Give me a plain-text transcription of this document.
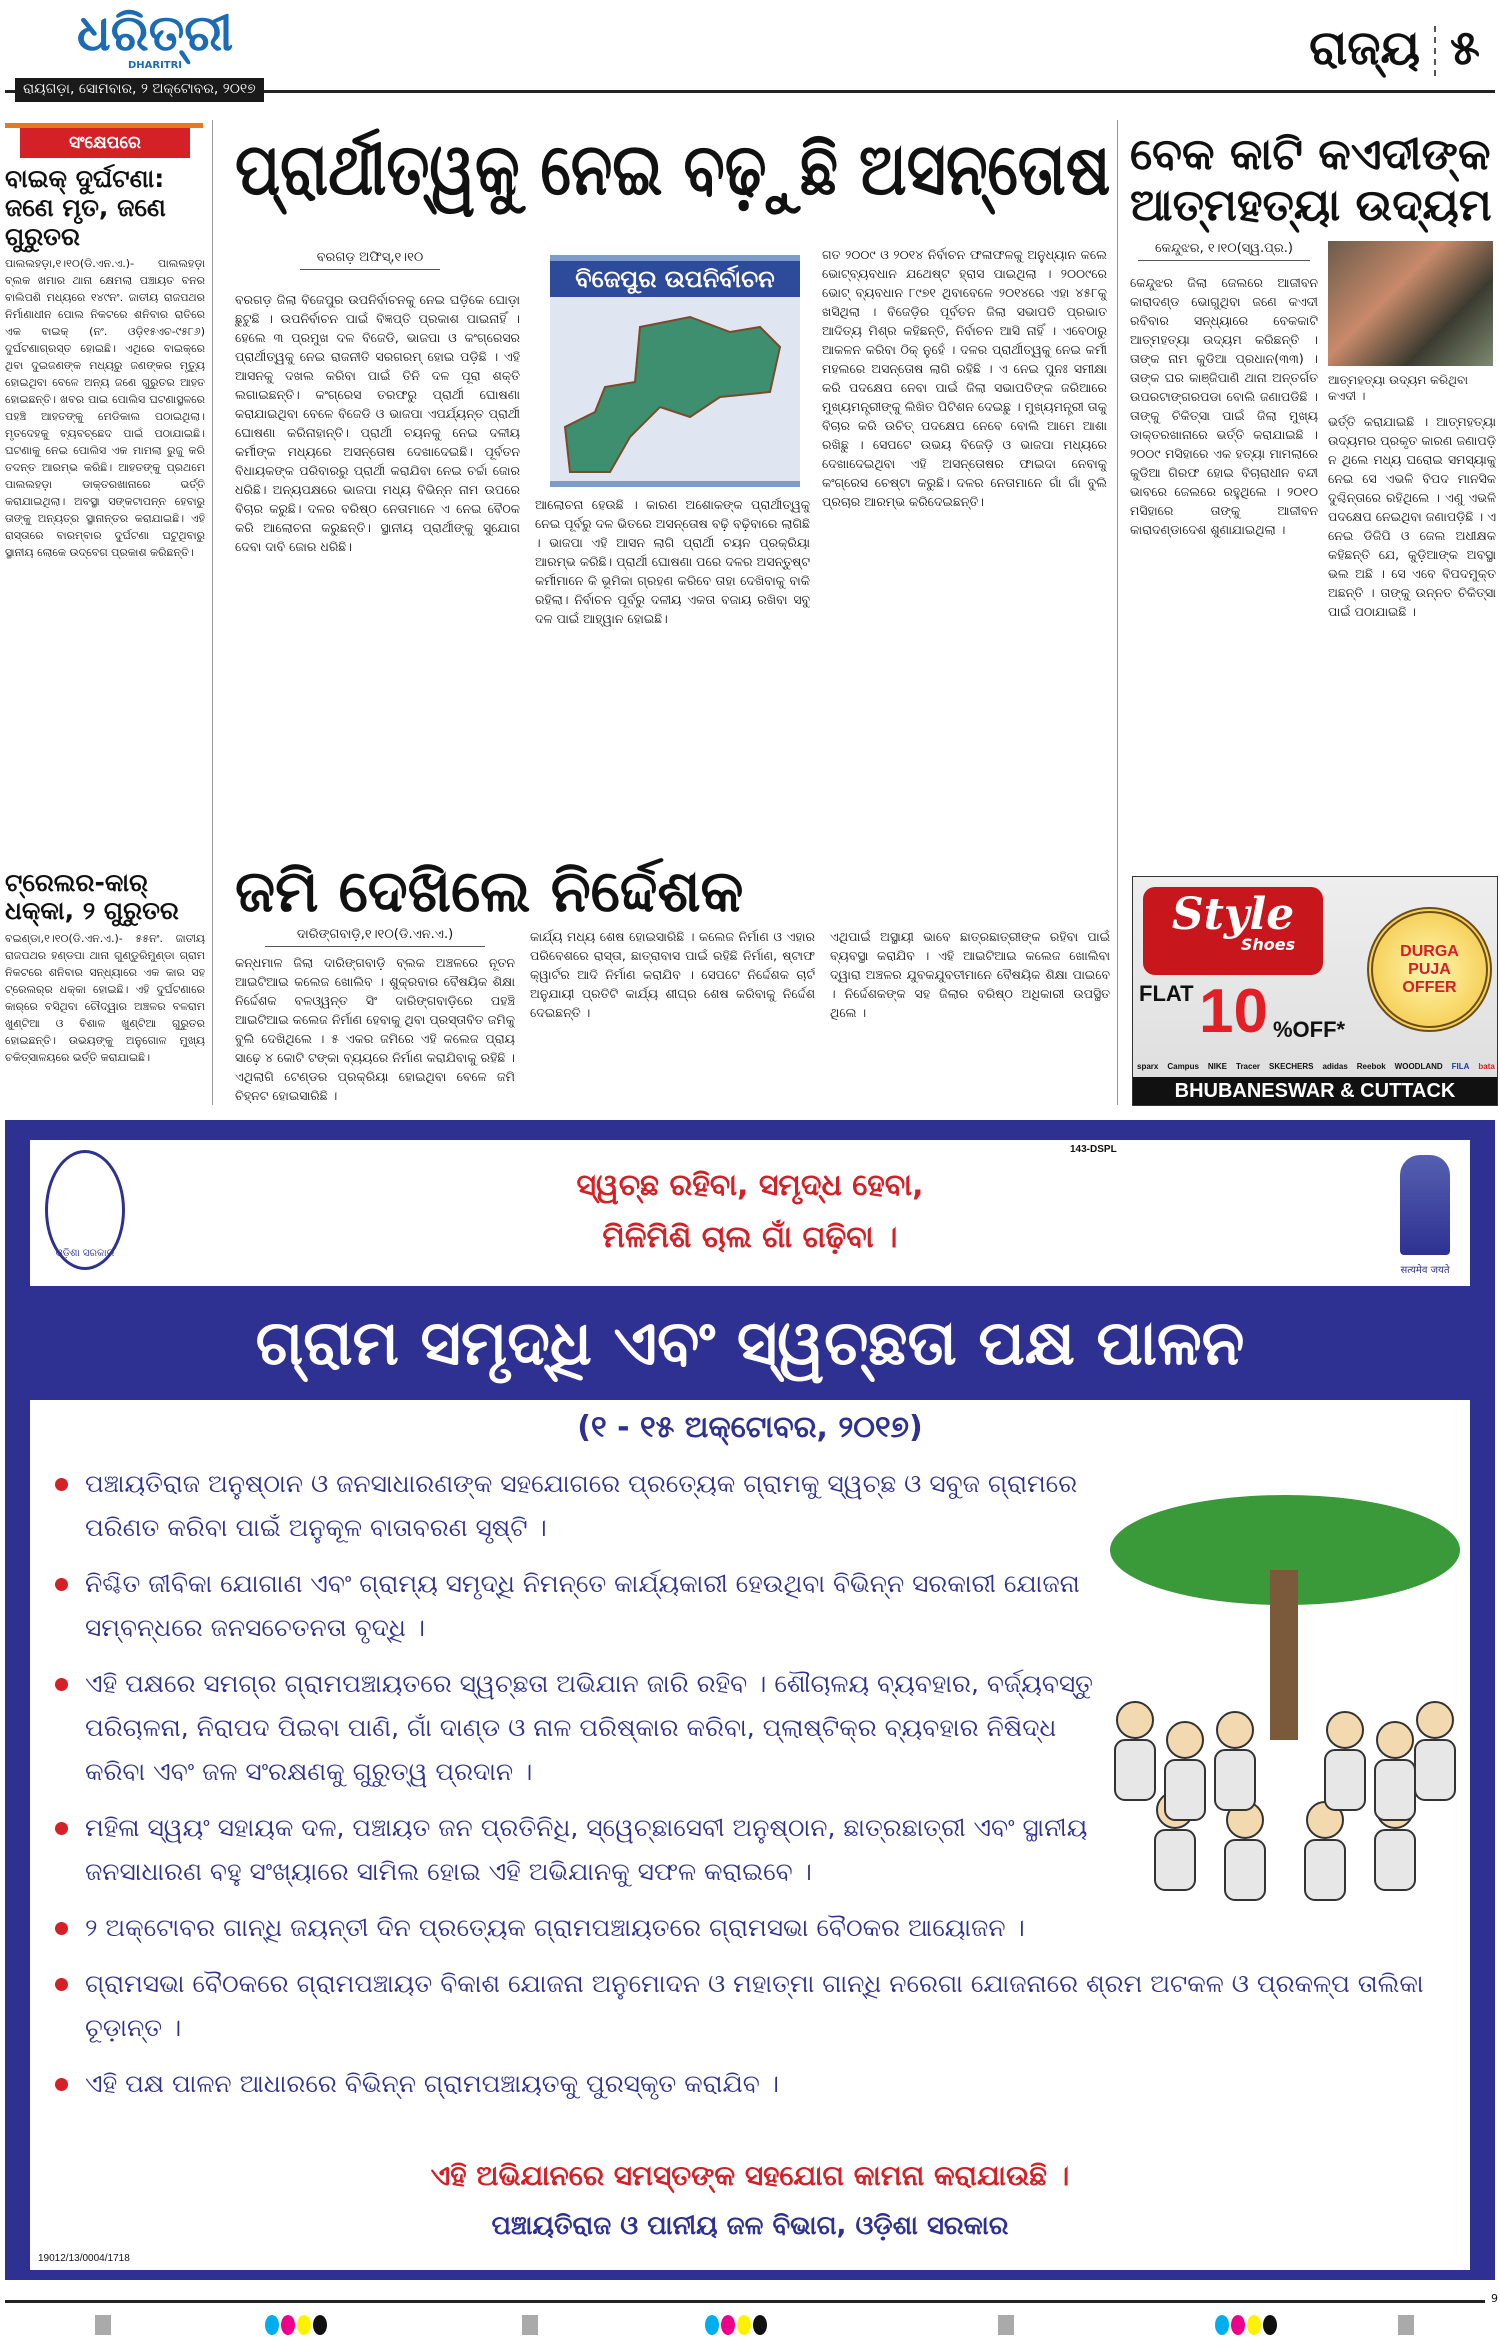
ଧରିତ୍ରୀ
DHARITRI
ରାୟଗଡ଼ା, ସୋମବାର, ୨ ଅକ୍ଟୋବର, ୨୦୧୭
ରାଜ୍ୟ ୫
ସଂକ୍ଷେପରେ
ବାଇକ୍ ଦୁର୍ଘଟଣା: ଜଣେ ମୃତ, ଜଣେ ଗୁରୁତର
ପାଲଲହଡ଼ା,୧।୧୦(ଡି.ଏନ.ଏ.)- ପାଲଲହଡ଼ା ବ୍ଲକ ଖମାର ଥାନା କ୍ଷେମଲା ପଞ୍ଚାୟତ ବନର ବାଲିପଶି ମଧ୍ୟରେ ୧୪୯ନଂ. ଜାତୀୟ ରାଜପଥର ନିର୍ମାଣାଧୀନ ପୋଲ ନିକଟରେ ଶନିବାର ରାତିରେ ଏକ ବାଇକ୍ (ନଂ. ଓଡ଼ି୧୫ଏଚ-୯୫୮୬) ଦୁର୍ଘଟଣାଗ୍ରସ୍ତ ହୋଇଛି। ଏଥିରେ ବାଇକ୍‌ରେ ଥିବା ଦୁଇଜଣଙ୍କ ମଧ୍ୟରୁ ଜଣଙ୍କର ମୃତ୍ୟୁ ହୋଇଥିବା ବେଳେ ଅନ୍ୟ ଜଣେ ଗୁରୁତର ଆହତ ହୋଇଛନ୍ତି। ଖବର ପାଇ ପୋଲିସ ଘଟଣାସ୍ଥଳରେ ପହଞ୍ଚି ଆହତଙ୍କୁ ମେଡିକାଲ ପଠାଇଥିଲା। ମୃତଦେହକୁ ବ୍ୟବଚ୍ଛେଦ ପାଇଁ ପଠାଯାଇଛି। ଘଟଣାକୁ ନେଇ ପୋଲିସ ଏକ ମାମଲା ରୁଜୁ କରି ତଦନ୍ତ ଆରମ୍ଭ କରିଛି। ଆହତଙ୍କୁ ପ୍ରଥମେ ପାଲଲହଡ଼ା ଡାକ୍ତରଖାନାରେ ଭର୍ତ୍ତି କରାଯାଇଥିଲା। ଅବସ୍ଥା ସଙ୍କଟାପନ୍ନ ହେବାରୁ ତାଙ୍କୁ ଅନ୍ୟତ୍ର ସ୍ଥାନାନ୍ତର କରାଯାଇଛି। ଏହି ରାସ୍ତାରେ ବାରମ୍ବାର ଦୁର୍ଘଟଣା ଘଟୁଥିବାରୁ ସ୍ଥାନୀୟ ଲୋକେ ଉଦ୍‌ବେଗ ପ୍ରକାଶ କରିଛନ୍ତି।
ଟ୍ରେଲର-କାର୍ ଧକ୍କା, ୨ ଗୁରୁତର
ବଇଣ୍ଡା,୧।୧୦(ଡି.ଏନ.ଏ.)- ୫୫ନଂ. ଜାତୀୟ ରାଜପଥର ହଣ୍ଡପା ଥାନା ଗୁଣ୍ଡୁରିମୁଣ୍ଡା ଗ୍ରାମ ନିକଟରେ ଶନିବାର ସନ୍ଧ୍ୟାରେ ଏକ କାର ସହ ଟ୍ରେଲର୍‌ର ଧକ୍କା ହୋଇଛି। ଏହି ଦୁର୍ଘଟଣାରେ କାର୍‌ରେ ବସିଥିବା ଚୌଦ୍ୱାର ଅଞ୍ଚଳର ବଳରାମ ଖୁଣ୍ଟିଆ ଓ ବିଶାଳ ଖୁଣ୍ଟିଆ ଗୁରୁତର ହୋଇଛନ୍ତି। ଉଭୟଙ୍କୁ ଅନୁଗୋଳ ମୁଖ୍ୟ ଚକିତ୍ସାଳୟରେ ଭର୍ତ୍ତି କରାଯାଇଛି।
ପ୍ରାର୍ଥୀତ୍ୱକୁ ନେଇ ବଢ଼ୁଛି ଅସନ୍ତୋଷ
ବରଗଡ଼ ଅଫିସ୍,୧।୧୦
ବରଗଡ଼ ଜିଲା ବିଜେପୁର ଉପନିର୍ବାଚନକୁ ନେଇ ଘଡ଼ିକେ ଘୋଡ଼ା ଛୁଟୁଛି । ଉପନିର୍ବାଚନ ପାଇଁ ବିଜ୍ଞପ୍ତି ପ୍ରକାଶ ପାଇନାହିଁ । ହେଲେ ୩ ପ୍ରମୁଖ ଦଳ ବିଜେଡି, ଭାଜପା ଓ କଂଗ୍ରେସର ପ୍ରାର୍ଥୀତ୍ୱକୁ ନେଇ ରାଜନୀତି ସରଗରମ୍ ହୋଇ ପଡ଼ିଛି । ଏହି ଆସନକୁ ଦଖଲ କରିବା ପାଇଁ ତିନି ଦଳ ପୂରା ଶକ୍ତି ଲଗାଇଛନ୍ତି। କଂଗ୍ରେସ ତରଫରୁ ପ୍ରାର୍ଥୀ ଘୋଷଣା କରାଯାଇଥିବା ବେଳେ ବିଜେଡି ଓ ଭାଜପା ଏପର୍ଯ୍ୟନ୍ତ ପ୍ରାର୍ଥୀ ଘୋଷଣା କରିନାହାନ୍ତି। ପ୍ରାର୍ଥୀ ଚୟନକୁ ନେଇ ଦଳୀୟ କର୍ମୀଙ୍କ ମଧ୍ୟରେ ଅସନ୍ତୋଷ ଦେଖାଦେଇଛି। ପୂର୍ବତନ ବିଧାୟକଙ୍କ ପରିବାରରୁ ପ୍ରାର୍ଥୀ କରାଯିବା ନେଇ ଚର୍ଚ୍ଚା ଜୋର ଧରିଛି। ଅନ୍ୟପକ୍ଷରେ ଭାଜପା ମଧ୍ୟ ବିଭିନ୍ନ ନାମ ଉପରେ ବିଚାର କରୁଛି। ଦଳର ବରିଷ୍ଠ ନେତାମାନେ ଏ ନେଇ ବୈଠକ କରି ଆଲୋଚନା କରୁଛନ୍ତି। ସ୍ଥାନୀୟ ପ୍ରାର୍ଥୀଙ୍କୁ ସୁଯୋଗ ଦେବା ଦାବି ଜୋର ଧରିଛି।
ବିଜେପୁର ଉପନିର୍ବାଚନ
ଆଲୋଚନା ହେଉଛି । କାରଣ ଅଶୋକଙ୍କ ପ୍ରାର୍ଥୀତ୍ୱକୁ ନେଇ ପୂର୍ବରୁ ଦଳ ଭିତରେ ଅସନ୍ତୋଷ ବଢ଼ି ବଢ଼ିବାରେ ଲାଗିଛି । ଭାଜପା ଏହି ଆସନ ଲାଗି ପ୍ରାର୍ଥୀ ଚୟନ ପ୍ରକ୍ରିୟା ଆରମ୍ଭ କରିଛି। ପ୍ରାର୍ଥୀ ଘୋଷଣା ପରେ ଦଳର ଅସନ୍ତୁଷ୍ଟ କର୍ମୀମାନେ କି ଭୂମିକା ଗ୍ରହଣ କରିବେ ତାହା ଦେଖିବାକୁ ବାକି ରହିଲା। ନିର୍ବାଚନ ପୂର୍ବରୁ ଦଳୀୟ ଏକତା ବଜାୟ ରଖିବା ସବୁ ଦଳ ପାଇଁ ଆହ୍ୱାନ ହୋଇଛି।
ଗତ ୨୦୦୯ ଓ ୨୦୧୪ ନିର୍ବାଚନ ଫଳାଫଳକୁ ଅନୁଧ୍ୟାନ କଲେ ଭୋଟ୍‌ବ୍ୟବଧାନ ଯଥେଷ୍ଟ ହ୍ରାସ ପାଇଥିଲା । ୨୦୦୯ରେ ଭୋଟ୍ ବ୍ୟବଧାନ ୮୯୭୧ ଥିବାବେଳେ ୨୦୧୪ରେ ଏହା ୪୫୮କୁ ଖସିଥିଲା । ବିଜେଡ଼ିର ପୂର୍ବତନ ଜିଲା ସଭାପତି ପ୍ରଭାତ ଆଦିତ୍ୟ ମିଶ୍ର କହିଛନ୍ତି, ନିର୍ବାଚନ ଆସି ନାହିଁ । ଏବେଠାରୁ ଆକଳନ କରିବା ଠିକ୍ ନୁହେଁ । ଦଳର ପ୍ରାର୍ଥୀତ୍ୱକୁ ନେଇ କର୍ମୀ ମହଲରେ ଅସନ୍ତୋଷ ଲାଗି ରହିଛି । ଏ ନେଇ ପୁନଃ ସମୀକ୍ଷା କରି ପଦକ୍ଷେପ ନେବା ପାଇଁ ଜିଲା ସଭାପତିଙ୍କ ଜରିଆରେ ମୁଖ୍ୟମନ୍ତ୍ରୀଙ୍କୁ ଲିଖିତ ପିଟିଶନ ଦେଇଛୁ । ମୁଖ୍ୟମନ୍ତ୍ରୀ ତାକୁ ବିଚାର କରି ଉଚିତ୍ ପଦକ୍ଷେପ ନେବେ ବୋଲି ଆମେ ଆଶା ରଖିଛୁ । ସେପଟେ ଉଭୟ ବିଜେଡ଼ି ଓ ଭାଜପା ମଧ୍ୟରେ ଦେଖାଦେଇଥିବା ଏହି ଅସନ୍ତୋଷର ଫାଇଦା ନେବାକୁ କଂଗ୍ରେସ ଚେଷ୍ଟା କରୁଛି। ଦଳର ନେତାମାନେ ଗାଁ ଗାଁ ବୁଲି ପ୍ରଚାର ଆରମ୍ଭ କରିଦେଇଛନ୍ତି।
ବେକ କାଟି କଏଦୀଙ୍କ ଆତ୍ମହତ୍ୟା ଉଦ୍ୟମ
କେନ୍ଦୁଝର, ୧।୧୦(ସ୍ୱ.ପ୍ର.)
କେନ୍ଦୁଝର ଜିଲା ଜେଲରେ ଆଜୀବନ କାରାଦଣ୍ଡ ଭୋଗୁଥିବା ଜଣେ କଏଦୀ ରବିବାର ସନ୍ଧ୍ୟାରେ ବେକକାଟି ଆତ୍ମହତ୍ୟା ଉଦ୍ୟମ କରିଛନ୍ତି । ତାଙ୍କ ନାମ କୁଡିଆ ପ୍ରଧାନ(୩୩) । ତାଙ୍କ ଘର କାଞ୍ଜିପାଣି ଥାନା ଅନ୍ତର୍ଗତ ଉପରଟାଙ୍ଗରପଡା ବୋଲି ଜଣାପଡିଛି । ତାଙ୍କୁ ଚିକିତ୍ସା ପାଇଁ ଜିଲା ମୁଖ୍ୟ ଡାକ୍ତରଖାନାରେ ଭର୍ତ୍ତି କରାଯାଇଛି । ୨୦୦୯ ମସିହାରେ ଏକ ହତ୍ୟା ମାମଲାରେ କୁଡିଆ ଗିରଫ ହୋଇ ବିଚାରାଧୀନ ବନ୍ଦୀ ଭାବରେ ଜେଲରେ ରହୁଥିଲେ । ୨୦୧୦ ମସିହାରେ ତାଙ୍କୁ ଆଜୀବନ କାରାଦଣ୍ଡାଦେଶ ଶୁଣାଯାଇଥିଲା ।
ଆତ୍ମହତ୍ୟା ଉଦ୍ୟମ କରିଥିବା କଏଦୀ ।
ଭର୍ତ୍ତି କରାଯାଇଛି । ଆତ୍ମହତ୍ୟା ଉଦ୍ୟମର ପ୍ରକୃତ କାରଣ ଜଣାପଡ଼ି ନ ଥିଲେ ମଧ୍ୟ ଘରୋଇ ସମସ୍ୟାକୁ ନେଇ ସେ ଏଭଳି ବିପଦ ମାନସିକ ଦୁଶ୍ଚିନ୍ତାରେ ରହିଥିଲେ । ଏଣୁ ଏଭଳି ପଦକ୍ଷେପ ନେଇଥିବା ଜଣାପଡ଼ିଛି । ଏ ନେଇ ଡିଜିପି ଓ ଜେଲ ଅଧୀକ୍ଷକ କହିଛନ୍ତି ଯେ, କୁଡ଼ିଆଙ୍କ ଅବସ୍ଥା ଭଲ ଅଛି । ସେ ଏବେ ବିପଦମୁକ୍ତ ଅଛନ୍ତି । ତାଙ୍କୁ ଉନ୍ନତ ଚିକିତ୍ସା ପାଇଁ ପଠାଯାଇଛି ।
ଜମି ଦେଖିଲେ ନିର୍ଦ୍ଦେଶକ
ଦାରିଙ୍ଗବାଡ଼ି,୧।୧୦(ଡି.ଏନ.ଏ.)
କନ୍ଧମାଳ ଜିଲା ଦାରିଙ୍ଗବାଡ଼ି ବ୍ଲକ ଅଞ୍ଚଳରେ ନୂତନ ଆଇଟିଆଇ କଲେଜ ଖୋଲିବ । ଶୁକ୍ରବାର ବୈଷୟିକ ଶିକ୍ଷା ନିର୍ଦ୍ଦେଶକ ବଳଓ୍ୱନ୍ତ ସିଂ ଦାରିଙ୍ଗବାଡ଼ିରେ ପହଞ୍ଚି ଆଇଟିଆଇ କଲେଜ ନିର୍ମାଣ ହେବାକୁ ଥିବା ପ୍ରସ୍ତାବିତ ଜମିକୁ ବୁଲି ଦେଖିଥିଲେ । ୫ ଏକର ଜମିରେ ଏହି କଲେଜ ପ୍ରାୟ ସାଢ଼େ ୪ କୋଟି ଟଙ୍କା ବ୍ୟୟରେ ନିର୍ମାଣ କରାଯିବାକୁ ରହିଛି । ଏଥିଲାଗି ଟେଣ୍ଡର ପ୍ରକ୍ରିୟା ହୋଇଥିବା ବେଳେ ଜମି ଚିହ୍ନଟ ହୋଇସାରିଛି ।
କାର୍ଯ୍ୟ ମଧ୍ୟ ଶେଷ ହୋଇସାରିଛି । କଲେଜ ନିର୍ମାଣ ଓ ଏହାର ପରିବେଶରେ ରାସ୍ତା, ଛାତ୍ରାବାସ ପାଇଁ ରହିଛି ନିର୍ମାଣ, ଷ୍ଟାଫ କ୍ୱାର୍ଟର ଆଦି ନିର୍ମାଣ କରାଯିବ । ସେପଟେ ନିର୍ଦ୍ଦେଶକ ଚାର୍ଟ ଅନୁଯାୟୀ ପ୍ରତିଟି କାର୍ଯ୍ୟ ଶୀଘ୍ର ଶେଷ କରିବାକୁ ନିର୍ଦ୍ଦେଶ ଦେଇଛନ୍ତି ।
ଏଥିପାଇଁ ଅସ୍ଥାୟୀ ଭାବେ ଛାତ୍ରଛାତ୍ରୀଙ୍କ ରହିବା ପାଇଁ ବ୍ୟବସ୍ଥା କରାଯିବ । ଏହି ଆଇଟିଆଇ କଲେଜ ଖୋଲିବା ଦ୍ୱାରା ଅଞ୍ଚଳର ଯୁବକଯୁବତୀମାନେ ବୈଷୟିକ ଶିକ୍ଷା ପାଇବେ । ନିର୍ଦ୍ଦେଶକଙ୍କ ସହ ଜିଲାର ବରିଷ୍ଠ ଅଧିକାରୀ ଉପସ୍ଥିତ ଥିଲେ ।
Style
Shoes
FLAT 10 %OFF*
DURGA PUJA OFFER
sparx Campus NIKE Tracer SKECHERS adidas Reebok WOODLAND FILA bata
BHUBANESWAR & CUTTACK
ଓଡ଼ିଶା ସରକାର
143-DSPL
ସ୍ୱଚ୍ଛ ରହିବା, ସମୃଦ୍ଧ ହେବା,
ମିଳିମିଶି ଚାଲ ଗାଁ ଗଢ଼ିବା ।
सत्यमेव जयते
ଗ୍ରାମ ସମୃଦ୍ଧି ଏବଂ ସ୍ୱଚ୍ଛତା ପକ୍ଷ ପାଳନ
(୧ - ୧୫ ଅକ୍ଟୋବର, ୨୦୧୭)
ପଞ୍ଚାୟତିରାଜ ଅନୁଷ୍ଠାନ ଓ ଜନସାଧାରଣଙ୍କ ସହଯୋଗରେ ପ୍ରତ୍ୟେକ ଗ୍ରାମକୁ ସ୍ୱଚ୍ଛ ଓ ସବୁଜ ଗ୍ରାମରେ ପରିଣତ କରିବା ପାଇଁ ଅନୁକୂଳ ବାତାବରଣ ସୃଷ୍ଟି ।
ନିଶ୍ଚିତ ଜୀବିକା ଯୋଗାଣ ଏବଂ ଗ୍ରାମ୍ୟ ସମୃଦ୍ଧି ନିମନ୍ତେ କାର୍ଯ୍ୟକାରୀ ହେଉଥିବା ବିଭିନ୍ନ ସରକାରୀ ଯୋଜନା ସମ୍ବନ୍ଧରେ ଜନସଚେତନତା ବୃଦ୍ଧି ।
ଏହି ପକ୍ଷରେ ସମଗ୍ର ଗ୍ରାମପଞ୍ଚାୟତରେ ସ୍ୱଚ୍ଛତା ଅଭିଯାନ ଜାରି ରହିବ । ଶୌଚାଳୟ ବ୍ୟବହାର, ବର୍ଜ୍ୟବସ୍ତୁ ପରିଚାଳନା, ନିରାପଦ ପିଇବା ପାଣି, ଗାଁ ଦାଣ୍ଡ ଓ ନାଳ ପରିଷ୍କାର କରିବା, ପ୍ଲାଷ୍ଟିକ୍‌ର ବ୍ୟବହାର ନିଷିଦ୍ଧ କରିବା ଏବଂ ଜଳ ସଂରକ୍ଷଣକୁ ଗୁରୁତ୍ୱ ପ୍ରଦାନ ।
ମହିଳା ସ୍ୱୟଂ ସହାୟକ ଦଳ, ପଞ୍ଚାୟତ ଜନ ପ୍ରତିନିଧି, ସ୍ୱେଚ୍ଛାସେବୀ ଅନୁଷ୍ଠାନ, ଛାତ୍ରଛାତ୍ରୀ ଏବଂ ସ୍ଥାନୀୟ ଜନସାଧାରଣ ବହୁ ସଂଖ୍ୟାରେ ସାମିଲ ହୋଇ ଏହି ଅଭିଯାନକୁ ସଫଳ କରାଇବେ ।
୨ ଅକ୍ଟୋବର ଗାନ୍ଧି ଜୟନ୍ତୀ ଦିନ ପ୍ରତ୍ୟେକ ଗ୍ରାମପଞ୍ଚାୟତରେ ଗ୍ରାମସଭା ବୈଠକର ଆୟୋଜନ ।
ଗ୍ରାମସଭା ବୈଠକରେ ଗ୍ରାମପଞ୍ଚାୟତ ବିକାଶ ଯୋଜନା ଅନୁମୋଦନ ଓ ମହାତ୍ମା ଗାନ୍ଧି ନରେଗା ଯୋଜନାରେ ଶ୍ରମ ଅଟକଳ ଓ ପ୍ରକଳ୍ପ ତାଲିକା ଚୂଡ଼ାନ୍ତ ।
ଏହି ପକ୍ଷ ପାଳନ ଆଧାରରେ ବିଭିନ୍ନ ଗ୍ରାମପଞ୍ଚାୟତକୁ ପୁରସ୍କୃତ କରାଯିବ ।
ଏହି ଅଭିଯାନରେ ସମସ୍ତଙ୍କ ସହଯୋଗ କାମନା କରାଯାଉଛି ।
ପଞ୍ଚାୟତିରାଜ ଓ ପାନୀୟ ଜଳ ବିଭାଗ, ଓଡ଼ିଶା ସରକାର
19012/13/0004/1718
9
